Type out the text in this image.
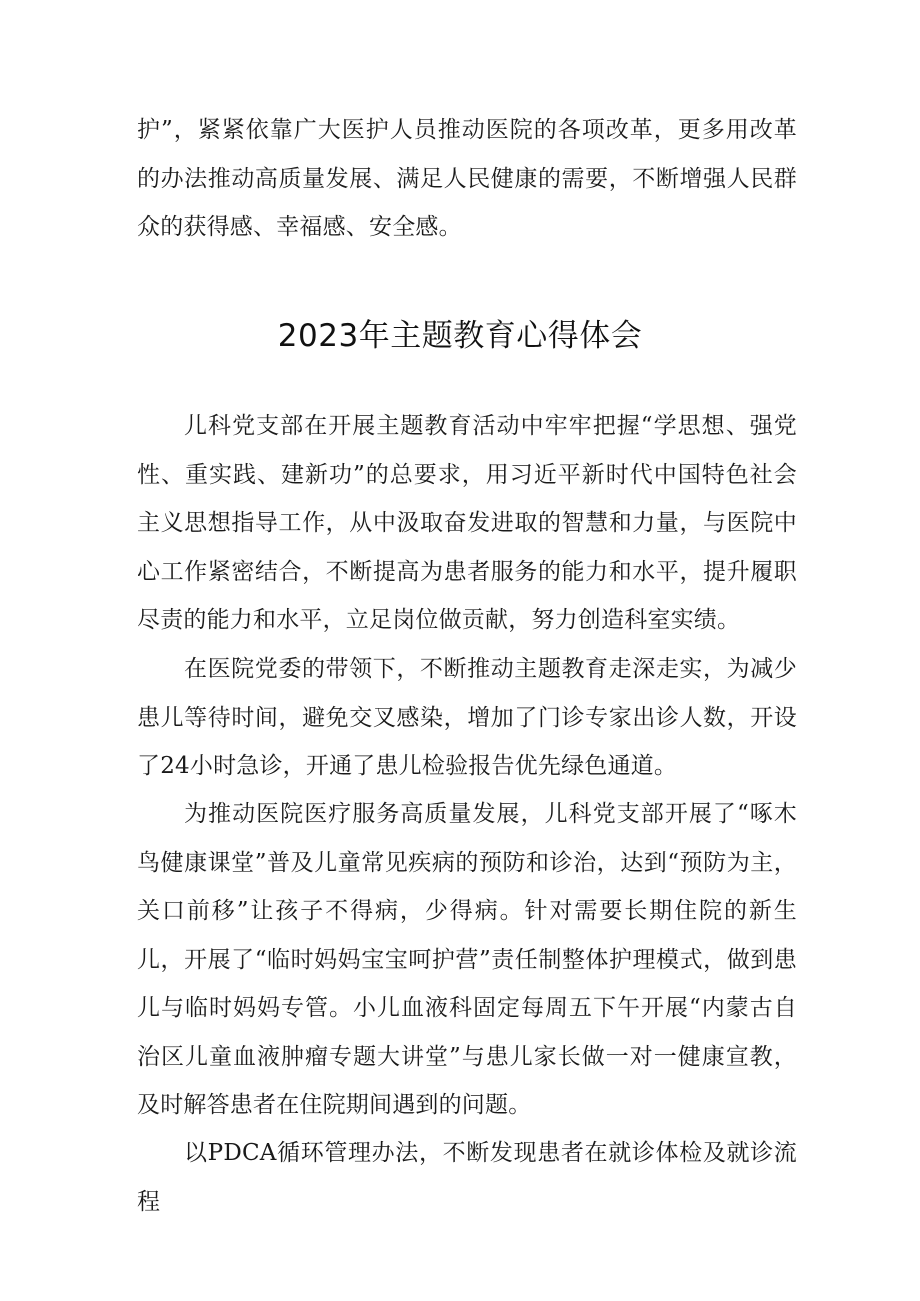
护”，紧紧依靠广大医护人员推动医院的各项改革，更多用改革的办法推动高质量发展、满足人民健康的需要，不断增强人民群众的获得感、幸福感、安全感。

2023年主题教育心得体会

儿科党支部在开展主题教育活动中牢牢把握“学思想、强党性、重实践、建新功”的总要求，用习近平新时代中国特色社会主义思想指导工作，从中汲取奋发进取的智慧和力量，与医院中心工作紧密结合，不断提高为患者服务的能力和水平，提升履职尽责的能力和水平，立足岗位做贡献，努力创造科室实绩。

在医院党委的带领下，不断推动主题教育走深走实，为减少患儿等待时间，避免交叉感染，增加了门诊专家出诊人数，开设了24小时急诊，开通了患儿检验报告优先绿色通道。

为推动医院医疗服务高质量发展，儿科党支部开展了“啄木鸟健康课堂”普及儿童常见疾病的预防和诊治，达到“预防为主，关口前移”让孩子不得病，少得病。针对需要长期住院的新生儿，开展了“临时妈妈宝宝呵护营”责任制整体护理模式，做到患儿与临时妈妈专管。小儿血液科固定每周五下午开展“内蒙古自治区儿童血液肿瘤专题大讲堂”与患儿家长做一对一健康宣教，及时解答患者在住院期间遇到的问题。

以PDCA循环管理办法，不断发现患者在就诊体检及就诊流程
